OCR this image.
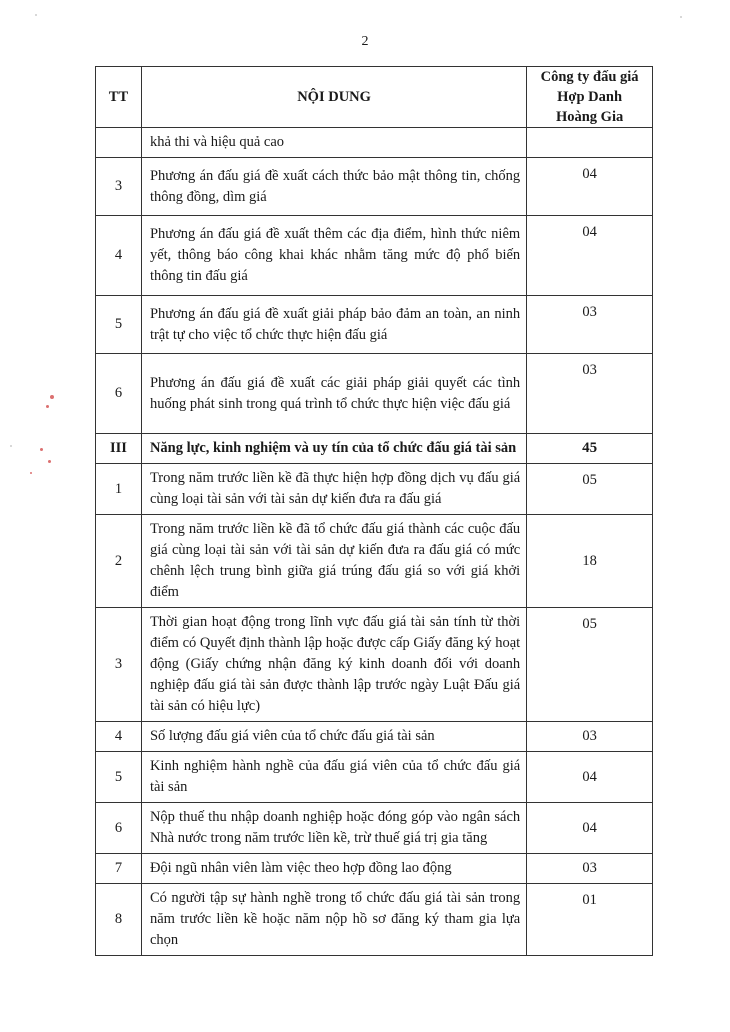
2
TT	NỘI DUNG	Công ty đấu giá
Hợp Danh
Hoàng Gia

	khả thi và hiệu quả cao	
3	Phương án đấu giá đề xuất cách thức bảo mật thông tin, chống thông đồng, dìm giá	04
4	Phương án đấu giá đề xuất thêm các địa điểm, hình thức niêm yết, thông báo công khai khác nhằm tăng mức độ phổ biến thông tin đấu giá	04
5	Phương án đấu giá đề xuất giải pháp bảo đảm an toàn, an ninh trật tự cho việc tổ chức thực hiện đấu giá	03
6	Phương án đấu giá đề xuất các giải pháp giải quyết các tình huống phát sinh trong quá trình tổ chức thực hiện việc đấu giá	03
III	Năng lực, kinh nghiệm và uy tín của tổ chức đấu giá tài sản	45
1	Trong năm trước liền kề đã thực hiện hợp đồng dịch vụ đấu giá cùng loại tài sản với tài sản dự kiến đưa ra đấu giá	05
2	Trong năm trước liền kề đã tổ chức đấu giá thành các cuộc đấu giá cùng loại tài sản với tài sản dự kiến đưa ra đấu giá có mức chênh lệch trung bình giữa giá trúng đấu giá so với giá khởi điểm	18
3	Thời gian hoạt động trong lĩnh vực đấu giá tài sản tính từ thời điểm có Quyết định thành lập hoặc được cấp Giấy đăng ký hoạt động (Giấy chứng nhận đăng ký kinh doanh đối với doanh nghiệp đấu giá tài sản được thành lập trước ngày Luật Đấu giá tài sản có hiệu lực)	05
4	Số lượng đấu giá viên của tổ chức đấu giá tài sản	03
5	Kinh nghiệm hành nghề của đấu giá viên của tổ chức đấu giá tài sản	04
6	Nộp thuế thu nhập doanh nghiệp hoặc đóng góp vào ngân sách Nhà nước trong năm trước liền kề, trừ thuế giá trị gia tăng	04
7	Đội ngũ nhân viên làm việc theo hợp đồng lao động	03
8	Có người tập sự hành nghề trong tổ chức đấu giá tài sản trong năm trước liền kề hoặc năm nộp hồ sơ đăng ký tham gia lựa chọn	01
